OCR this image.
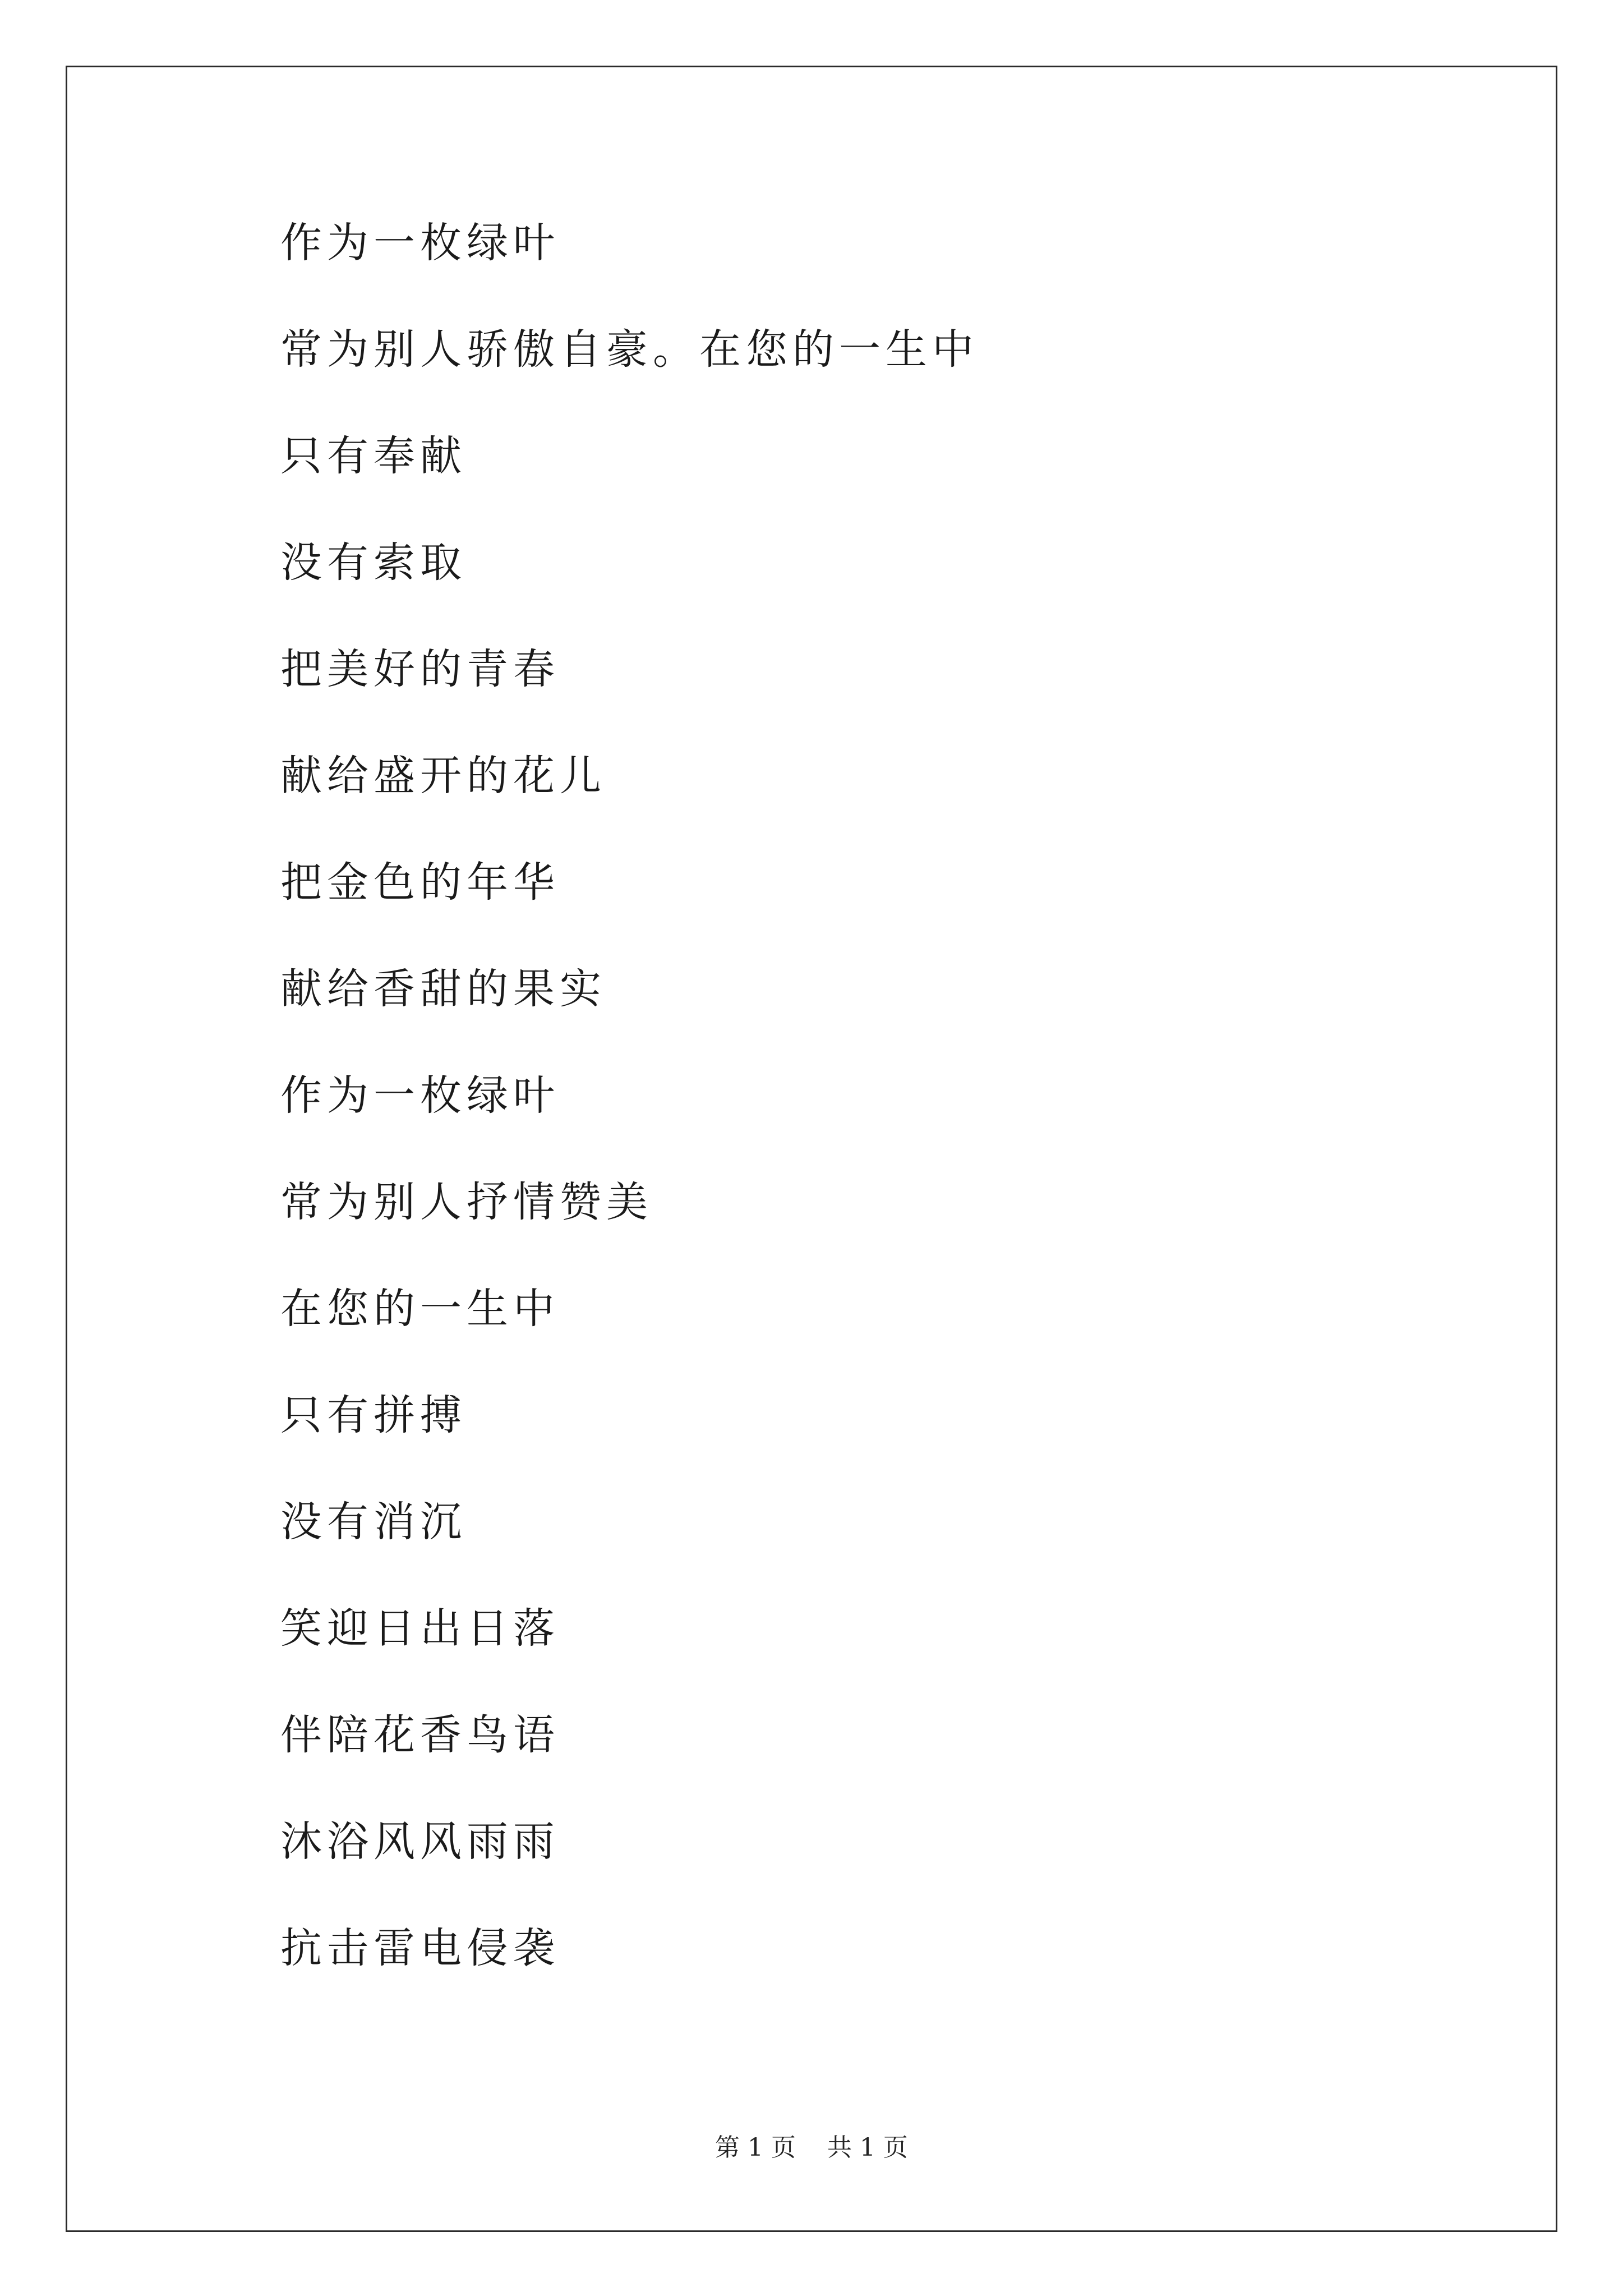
作为一枚绿叶
常为别人骄傲自豪。在您的一生中
只有奉献
没有索取
把美好的青春
献给盛开的花儿
把金色的年华
献给香甜的果实
作为一枚绿叶
常为别人抒情赞美
在您的一生中
只有拼搏
没有消沉
笑迎日出日落
伴陪花香鸟语
沐浴风风雨雨
抗击雷电侵袭
第 1 页    共 1 页
